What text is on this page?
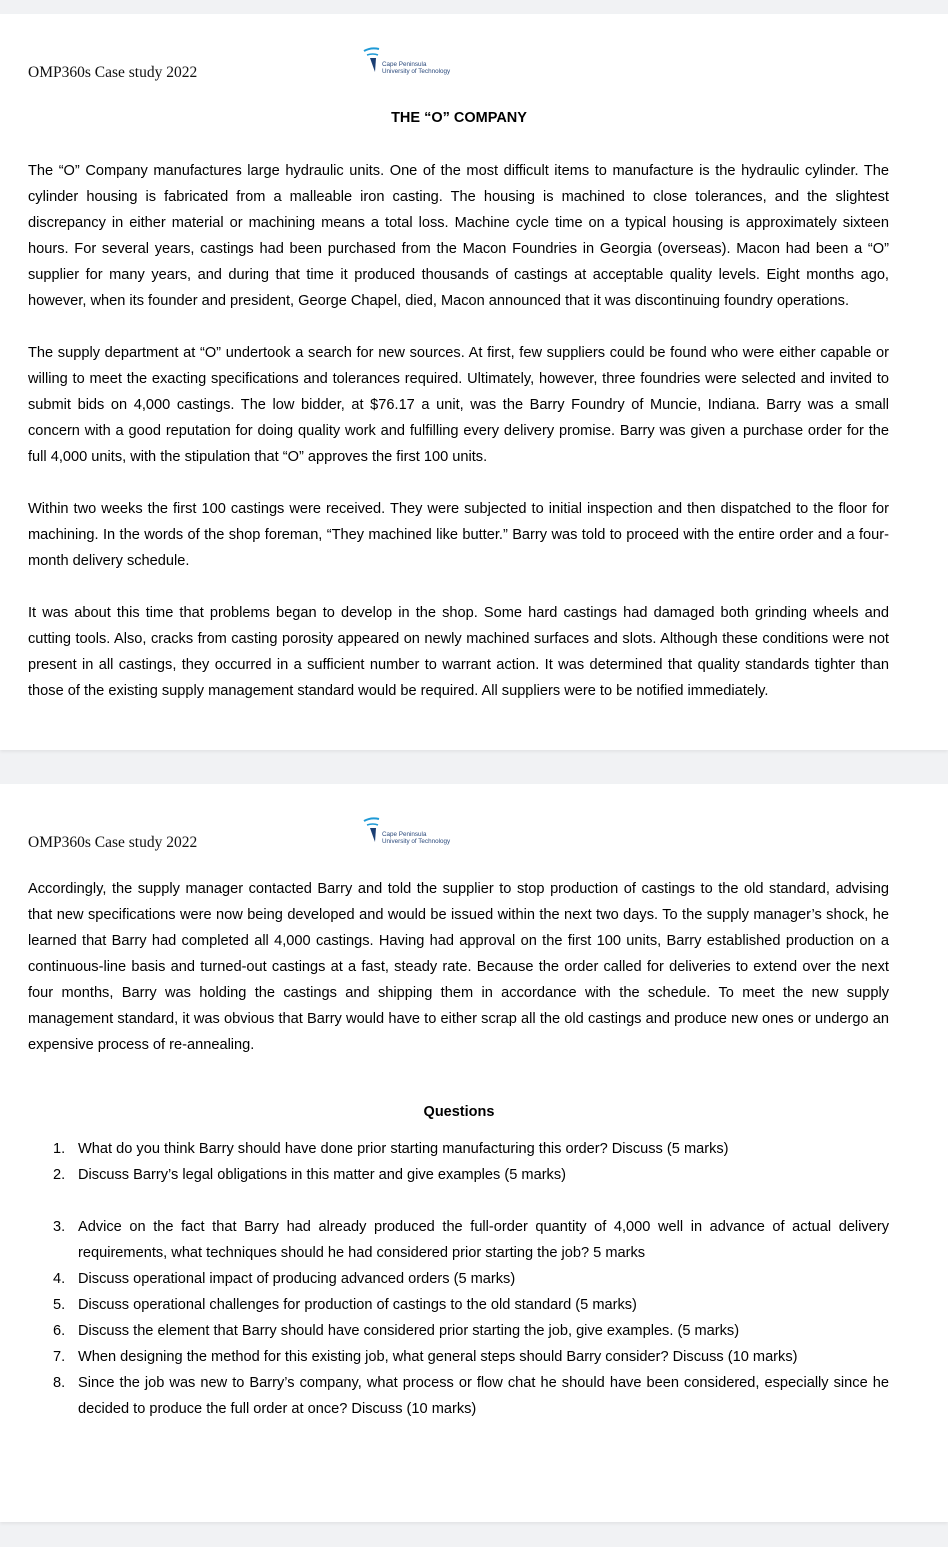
OMP360s Case study 2022	Cape Peninsula
University of Technology
THE “O” COMPANY

The “O” Company manufactures large hydraulic units. One of the most difficult items to manufacture is the hydraulic cylinder. The cylinder housing is fabricated from a malleable iron casting. The housing is machined to close tolerances, and the slightest discrepancy in either material or machining means a total loss. Machine cycle time on a typical housing is approximately sixteen hours. For several years, castings had been purchased from the Macon Foundries in Georgia (overseas). Macon had been a “O” supplier for many years, and during that time it produced thousands of castings at acceptable quality levels. Eight months ago, however, when its founder and president, George Chapel, died, Macon announced that it was discontinuing foundry operations.

The supply department at “O” undertook a search for new sources. At first, few suppliers could be found who were either capable or willing to meet the exacting specifications and tolerances required. Ultimately, however, three foundries were selected and invited to submit bids on 4,000 castings. The low bidder, at $76.17 a unit, was the Barry Foundry of Muncie, Indiana. Barry was a small concern with a good reputation for doing quality work and fulfilling every delivery promise. Barry was given a purchase order for the full 4,000 units, with the stipulation that “O” approves the first 100 units.

Within two weeks the first 100 castings were received. They were subjected to initial inspection and then dispatched to the floor for machining. In the words of the shop foreman, “They machined like butter.” Barry was told to proceed with the entire order and a four-month delivery schedule.

It was about this time that problems began to develop in the shop. Some hard castings had damaged both grinding wheels and cutting tools. Also, cracks from casting porosity appeared on newly machined surfaces and slots. Although these conditions were not present in all castings, they occurred in a sufficient number to warrant action. It was determined that quality standards tighter than those of the existing supply management standard would be required. All suppliers were to be notified immediately.

OMP360s Case study 2022	Cape Peninsula
University of Technology

Accordingly, the supply manager contacted Barry and told the supplier to stop production of castings to the old standard, advising that new specifications were now being developed and would be issued within the next two days. To the supply manager’s shock, he learned that Barry had completed all 4,000 castings. Having had approval on the first 100 units, Barry established production on a continuous-line basis and turned-out castings at a fast, steady rate. Because the order called for deliveries to extend over the next four months, Barry was holding the castings and shipping them in accordance with the schedule. To meet the new supply management standard, it was obvious that Barry would have to either scrap all the old castings and produce new ones or undergo an expensive process of re-annealing.

Questions
1. What do you think Barry should have done prior starting manufacturing this order? Discuss (5 marks)
2. Discuss Barry’s legal obligations in this matter and give examples (5 marks)
3. Advice on the fact that Barry had already produced the full-order quantity of 4,000 well in advance of actual delivery requirements, what techniques should he had considered prior starting the job? 5 marks
4. Discuss operational impact of producing advanced orders (5 marks)
5. Discuss operational challenges for production of castings to the old standard (5 marks)
6. Discuss the element that Barry should have considered prior starting the job, give examples. (5 marks)
7. When designing the method for this existing job, what general steps should Barry consider? Discuss (10 marks)
8. Since the job was new to Barry’s company, what process or flow chat he should have been considered, especially since he decided to produce the full order at once? Discuss (10 marks)
